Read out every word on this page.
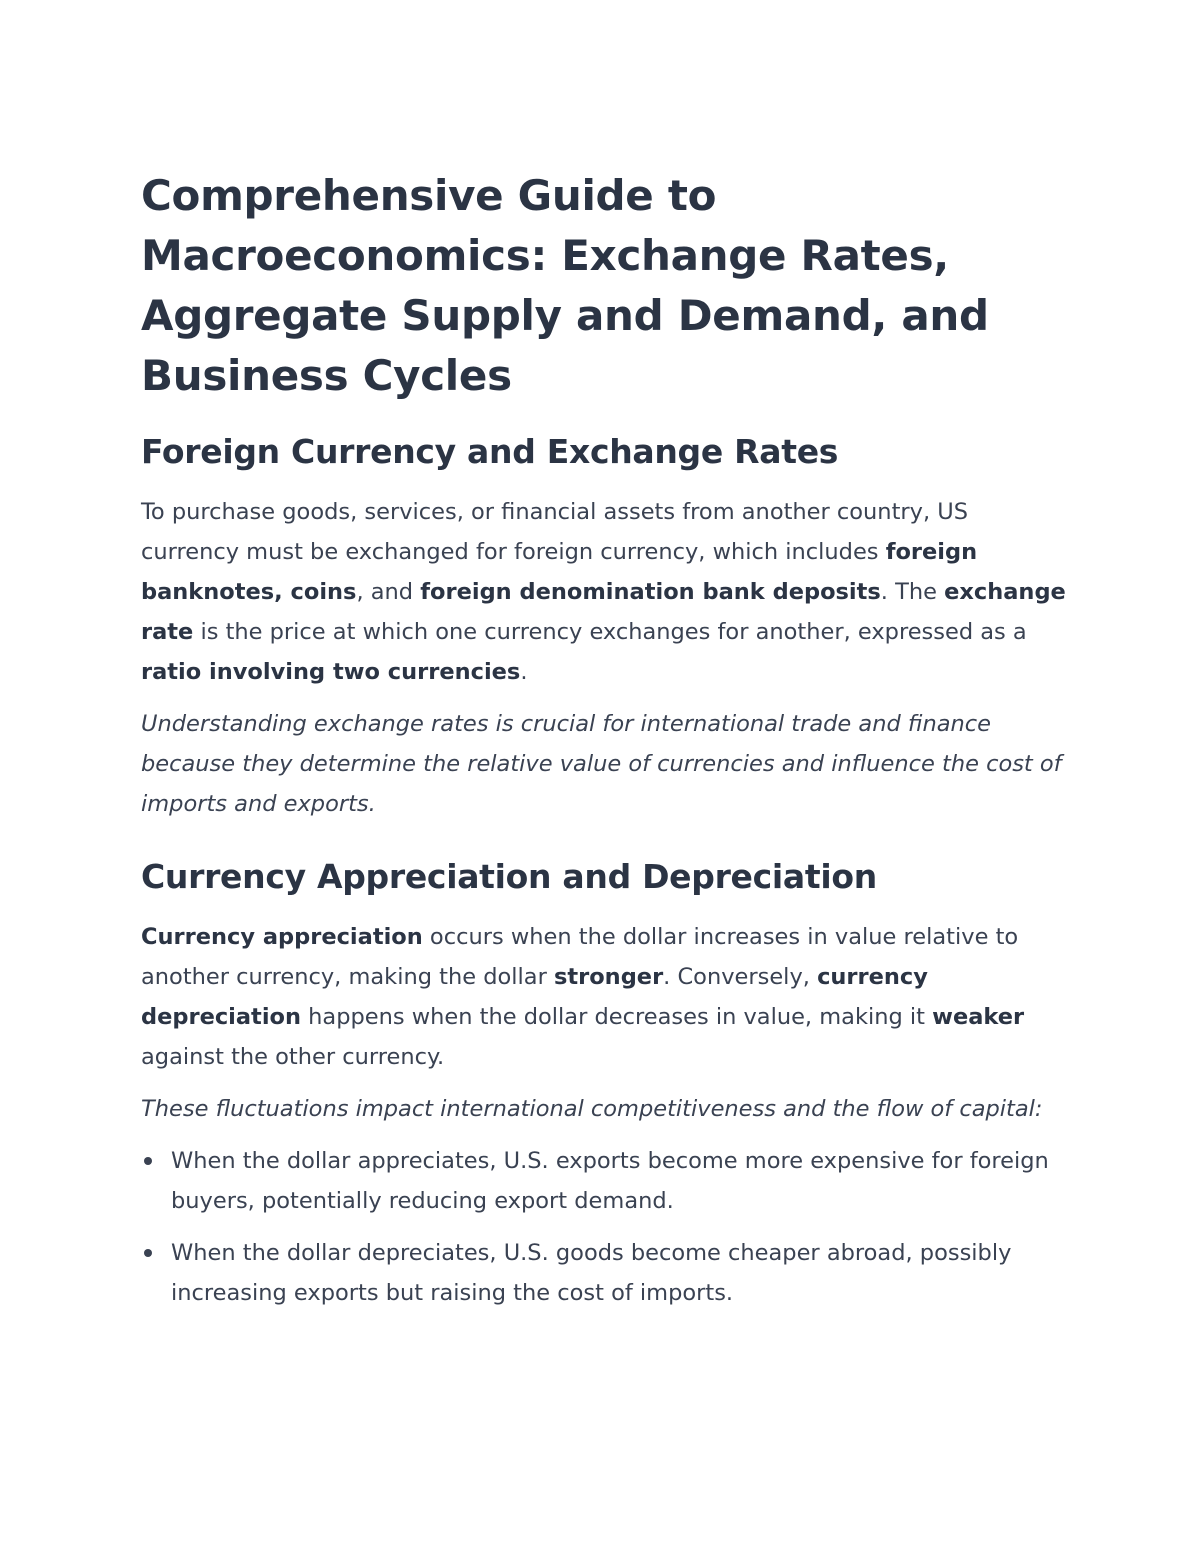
Comprehensive Guide to Macroeconomics: Exchange Rates, Aggregate Supply and Demand, and Business Cycles
Foreign Currency and Exchange Rates

To purchase goods, services, or financial assets from another country, US currency must be exchanged for foreign currency, which includes foreign banknotes, coins, and foreign denomination bank deposits. The exchange rate is the price at which one currency exchanges for another, expressed as a ratio involving two currencies.

Understanding exchange rates is crucial for international trade and finance because they determine the relative value of currencies and influence the cost of imports and exports.

Currency Appreciation and Depreciation

Currency appreciation occurs when the dollar increases in value relative to another currency, making the dollar stronger. Conversely, currency depreciation happens when the dollar decreases in value, making it weaker against the other currency.

These fluctuations impact international competitiveness and the flow of capital:

When the dollar appreciates, U.S. exports become more expensive for foreign buyers, potentially reducing export demand.
When the dollar depreciates, U.S. goods become cheaper abroad, possibly increasing exports but raising the cost of imports.
